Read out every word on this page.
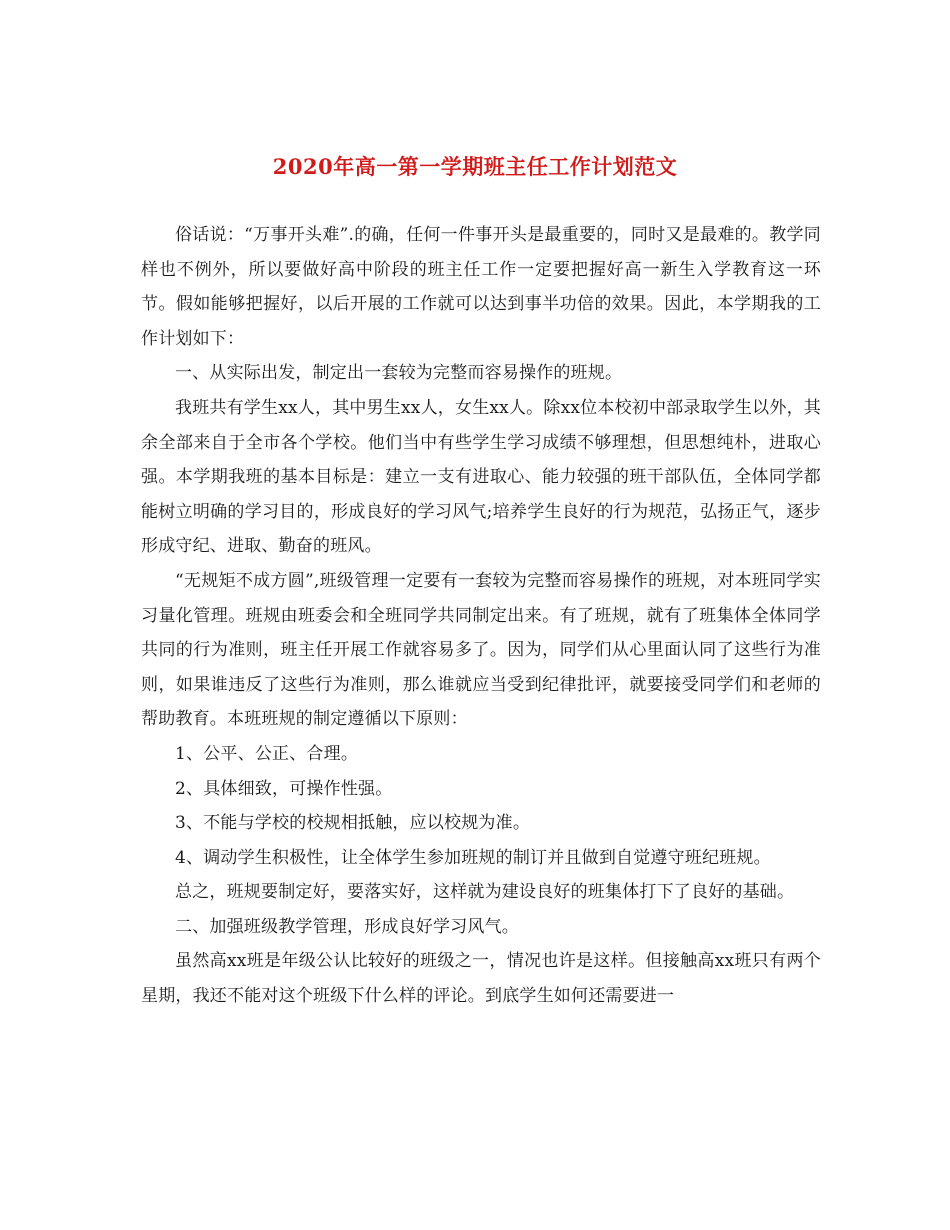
2020年高一第一学期班主任工作计划范文

俗话说：“万事开头难”.的确，任何一件事开头是最重要的，同时又是最难的。教学同样也不例外，所以要做好高中阶段的班主任工作一定要把握好高一新生入学教育这一环节。假如能够把握好，以后开展的工作就可以达到事半功倍的效果。因此，本学期我的工作计划如下：

一、从实际出发，制定出一套较为完整而容易操作的班规。

我班共有学生xx人，其中男生xx人，女生xx人。除xx位本校初中部录取学生以外，其余全部来自于全市各个学校。他们当中有些学生学习成绩不够理想，但思想纯朴，进取心强。本学期我班的基本目标是：建立一支有进取心、能力较强的班干部队伍，全体同学都能树立明确的学习目的，形成良好的学习风气;培养学生良好的行为规范，弘扬正气，逐步形成守纪、进取、勤奋的班风。

“无规矩不成方圆”,班级管理一定要有一套较为完整而容易操作的班规，对本班同学实习量化管理。班规由班委会和全班同学共同制定出来。有了班规，就有了班集体全体同学共同的行为准则，班主任开展工作就容易多了。因为，同学们从心里面认同了这些行为准则，如果谁违反了这些行为准则，那么谁就应当受到纪律批评，就要接受同学们和老师的帮助教育。本班班规的制定遵循以下原则：

1、公平、公正、合理。

2、具体细致，可操作性强。

3、不能与学校的校规相抵触，应以校规为准。

4、调动学生积极性，让全体学生参加班规的制订并且做到自觉遵守班纪班规。

总之，班规要制定好，要落实好，这样就为建设良好的班集体打下了良好的基础。

二、加强班级教学管理，形成良好学习风气。

虽然高xx班是年级公认比较好的班级之一，情况也许是这样。但接触高xx班只有两个星期，我还不能对这个班级下什么样的评论。到底学生如何还需要进一
